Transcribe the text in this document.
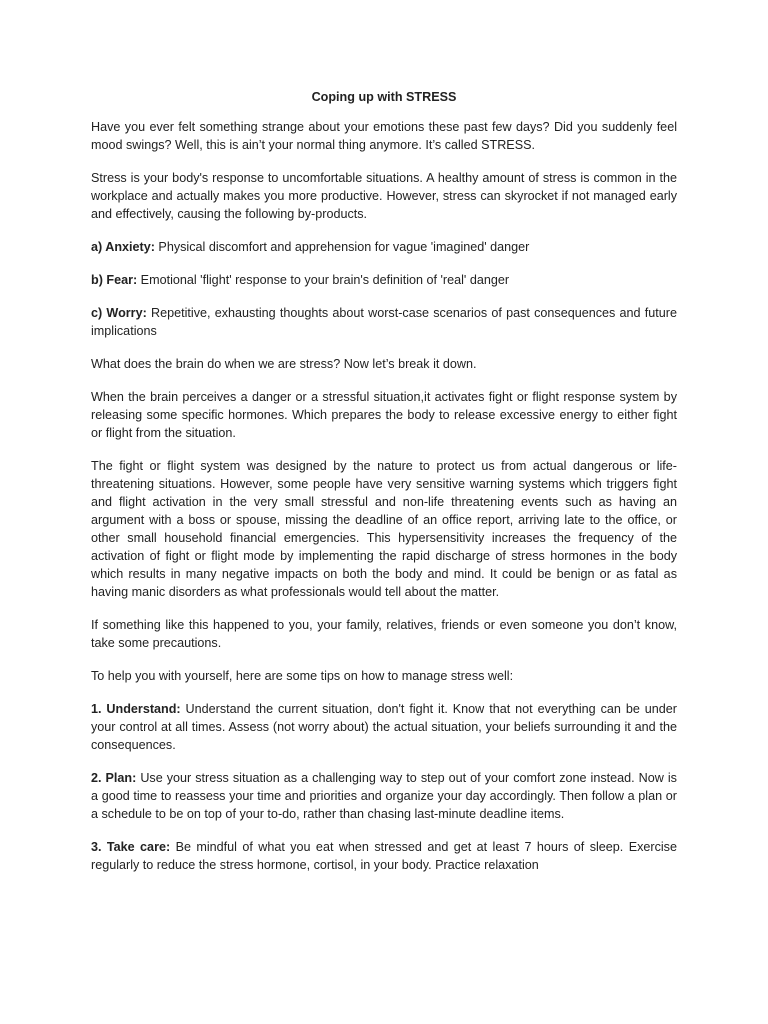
Coping up with STRESS

Have you ever felt something strange about your emotions these past few days? Did you suddenly feel mood swings? Well, this is ain’t your normal thing anymore. It’s called STRESS.

Stress is your body's response to uncomfortable situations. A healthy amount of stress is common in the workplace and actually makes you more productive. However, stress can skyrocket if not managed early and effectively, causing the following by-products.

a) Anxiety: Physical discomfort and apprehension for vague 'imagined' danger

b) Fear: Emotional 'flight' response to your brain's definition of 'real' danger

c) Worry: Repetitive, exhausting thoughts about worst-case scenarios of past consequences and future implications

What does the brain do when we are stress? Now let’s break it down.

When the brain perceives a danger or a stressful situation,it activates fight or flight response system by releasing some specific hormones. Which prepares the body to release excessive energy to either fight or flight from the situation.

The fight or flight system was designed by the nature to protect us from actual dangerous or life-threatening situations. However, some people have very sensitive warning systems which triggers fight and flight activation in the very small stressful and non-life threatening events such as having an argument with a boss or spouse, missing the deadline of an office report, arriving late to the office, or other small household financial emergencies. This hypersensitivity increases the frequency of the activation of fight or flight mode by implementing the rapid discharge of stress hormones in the body which results in many negative impacts on both the body and mind. It could be benign or as fatal as having manic disorders as what professionals would tell about the matter.

If something like this happened to you, your family, relatives, friends or even someone you don’t know, take some precautions.

To help you with yourself, here are some tips on how to manage stress well:

1. Understand: Understand the current situation, don't fight it. Know that not everything can be under your control at all times. Assess (not worry about) the actual situation, your beliefs surrounding it and the consequences.

2. Plan: Use your stress situation as a challenging way to step out of your comfort zone instead. Now is a good time to reassess your time and priorities and organize your day accordingly. Then follow a plan or a schedule to be on top of your to-do, rather than chasing last-minute deadline items.

3. Take care: Be mindful of what you eat when stressed and get at least 7 hours of sleep. Exercise regularly to reduce the stress hormone, cortisol, in your body. Practice relaxation
